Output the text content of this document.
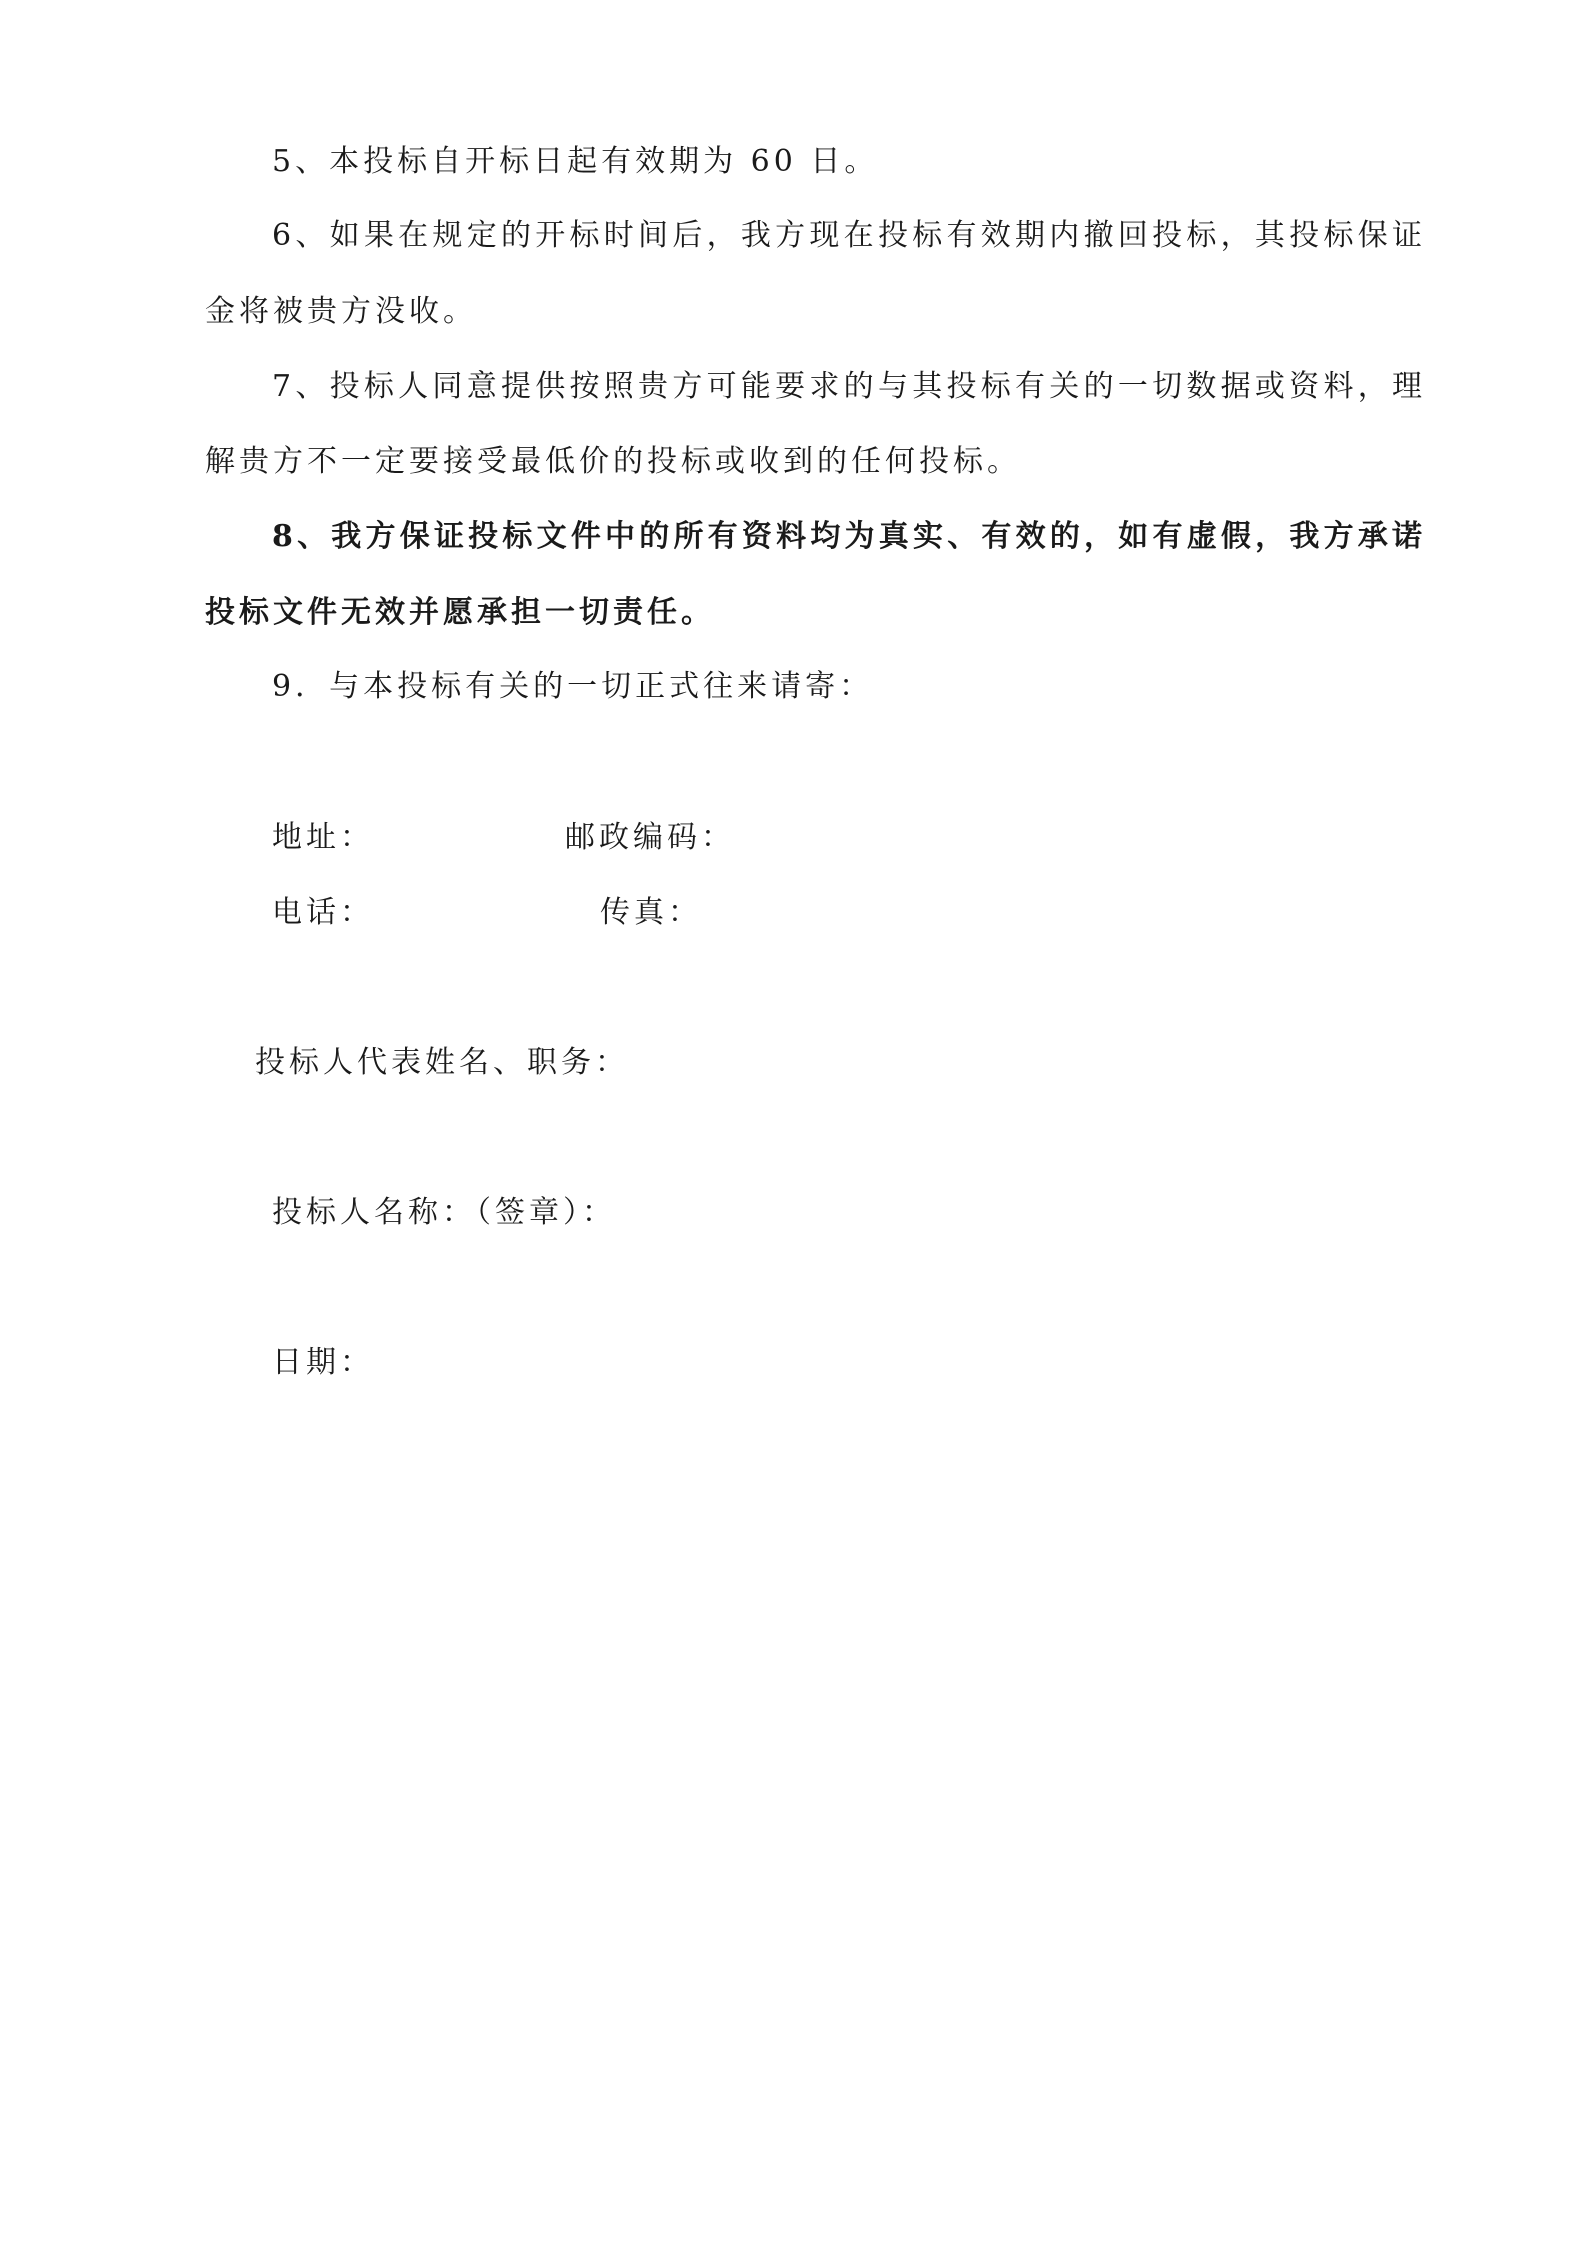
5、本投标自开标日起有效期为 60 日。
6、如果在规定的开标时间后，我方现在投标有效期内撤回投标，其投标保证
金将被贵方没收。
7、投标人同意提供按照贵方可能要求的与其投标有关的一切数据或资料，理
解贵方不一定要接受最低价的投标或收到的任何投标。
8、我方保证投标文件中的所有资料均为真实、有效的，如有虚假，我方承诺
投标文件无效并愿承担一切责任。
9．与本投标有关的一切正式往来请寄：
地址：	邮政编码：
电话：	传真：
投标人代表姓名、职务：
投标人名称：（签章）：
日期：
